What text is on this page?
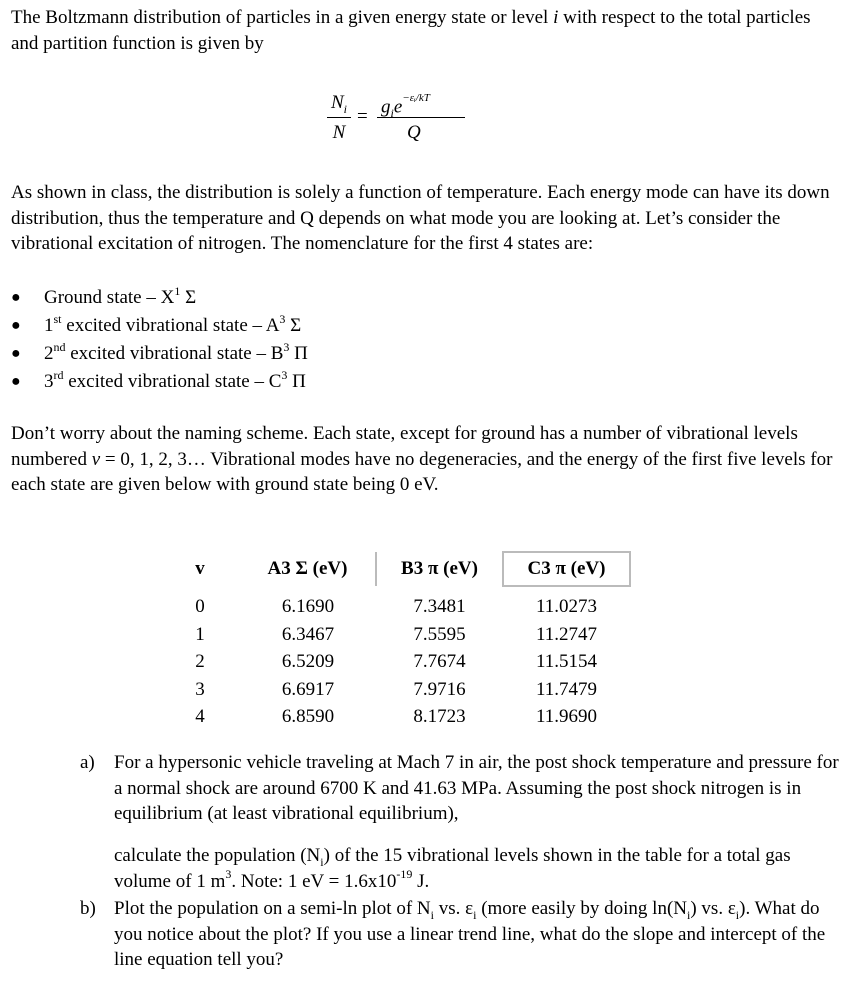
The Boltzmann distribution of particles in a given energy state or level i with respect to the total particles and partition function is given by

$N_i$
N
= $g_ie^{-\varepsilon ᵢ/kT}$
Q

As shown in class, the distribution is solely a function of temperature. Each energy mode can have its down distribution, thus the temperature and Q depends on what mode you are looking at. Let’s consider the vibrational excitation of nitrogen. The nomenclature for the first 4 states are:

● Ground state – $X^1$ Σ
● 1st excited vibrational state – $A^3$ Σ
● 2nd excited vibrational state – $B^3$ Π
● 3rd excited vibrational state – $C^3$ Π

Don’t worry about the naming scheme. Each state, except for ground has a number of vibrational levels numbered v = 0, 1, 2, 3… Vibrational modes have no degeneracies, and the energy of the first five levels for each state are given below with ground state being 0 eV.

v	A3 Σ (eV)	B3 π (eV)	C3 π (eV)
0	6.1690	7.3481	11.0273
1	6.3467	7.5595	11.2747
2	6.5209	7.7674	11.5154
3	6.6917	7.9716	11.7479
4	6.8590	8.1723	11.9690
a) For a hypersonic vehicle traveling at Mach 7 in air, the post shock temperature and pressure for a normal shock are around 6700 K and 41.63 MPa. Assuming the post shock nitrogen is in equilibrium (at least vibrational equilibrium),
calculate the population $(N_i)$ of the 15 vibrational levels shown in the table for a total gas volume of 1 $m^3$. Note: 1 eV = $1.6x10^{-19}$ J.
b) Plot the population on a semi-ln plot of $N_i$ vs. $\varepsilon_i$ (more easily by doing $\ln(N_i)$ vs. $\varepsilon_i$). What do you notice about the plot? If you use a linear trend line, what do the slope and intercept of the line equation tell you?
